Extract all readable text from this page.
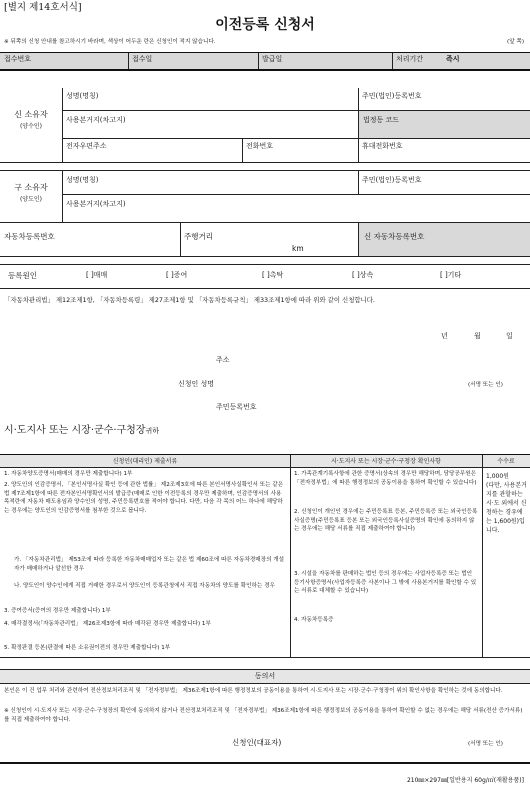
[별지 제14호서식]
이전등록 신청서
※ 뒤쪽의 신청 안내를 참고하시기 바라며, 색상이 어두운 란은 신청인이 적지 않습니다.	(앞 쪽)
접수번호	접수일	발급일	처리기간	즉시
신 소유자
(양수인)
성명(명칭)	주민(법인)등록번호
사용본거지(차고지)	법정동 코드
전자우편주소	전화번호	휴대전화번호
구 소유자
(양도인)
성명(명칭)	주민(법인)등록번호
사용본거지(차고지)
자동차등록번호	주행거리
km
신 자동차등록번호
등록원인	[ ]매매	[ ]증여	[ ]촉탁	[ ]상속	[ ]기타
「자동차관리법」 제12조제1항, 「자동차등록령」 제27조제1항 및 「자동차등록규칙」 제33조제1항에 따라 위와 같이 신청합니다.
년	월	일
주소
신청인 성명	(서명 또는 인)
주민등록번호
시·도지사 또는 시장·군수·구청장귀하
신청인(대리인) 제출서류	시·도지사 또는 시장·군수·구청장 확인사항	수수료
1. 자동차양도증명서(매매의 경우만 제출합니다) 1부
2. 양도인의 인감증명서, 「본인서명사실 확인 등에 관한 법률」 제2조제3호에 따른 본인서명사실확인서 또는 같은 법 제7조제1항에 따른 전자본인서명확인서의 발급증(매매로 인한 이전등록의 경우만 제출하며, 인감증명서의 사용목적란에 자동차 매도용임과 양수인의 성명, 주민등록번호를 적어야 합니다. 다만, 다음 각 목의 어느 하나에 해당하는 경우에는 양도인의 인감증명서를 첨부한 것으로 봅니다.
가. 「자동차관리법」 제53조에 따라 등록한 자동차매매업자 또는 같은 법 제60조에 따른 자동차경매장의 개설자가 매매하거나 알선한 경우
나. 양도인이 양수인에게 직접 거래한 경우로서 양도인이 등록관청에서 직접 자동차의 양도를 확인하는 경우
3. 증여증서(증여의 경우만 제출합니다) 1부
4. 매각결정서(「자동차관리법」 제26조제3항에 따라 매각된 경우만 제출합니다) 1부
5. 확정판결 등본(판결에 따른 소유권이전의 경우만 제출합니다) 1부
1. 가족관계기록사항에 관한 증명서(상속의 경우만 해당하며, 담당공무원은 「전자정부법」에 따른 행정정보의 공동이용을 통하여 확인할 수 있습니다)
2. 신청인이 개인인 경우에는 주민등록표 등본, 주민등록증 또는 외국인등록사실증명(주민등록표 등본 또는 외국인등록사실증명의 확인에 동의하지 않는 경우에는 해당 서류를 직접 제출하여야 합니다)
3. 시설을 자동차를 판매하는 법인 등의 경우에는 사업자등록증 또는 법인 등기사항증명서(사업자등록증 사본이나 그 밖에 사용본거지를 확인할 수 있는 서류로 대체할 수 있습니다)
4. 자동차등록증
1,000원
(다만, 사용본거지를 관할하는 시·도 외에서 신청하는 경우에는 1,600원)입니다.
동의서
본인은 이 건 업무 처리와 관련하여 전산정보처리조직 및 「전자정부법」 제36조제1항에 따른 행정정보의 공동이용을 통하여 시·도지사 또는 시장·군수·구청장이 위의 확인사항을 확인하는 것에 동의합니다.
※ 신청인이 시·도지사 또는 시장·군수·구청장의 확인에 동의하지 않거나 전산정보처리조직 및 「전자정부법」 제36조제1항에 따른 행정정보의 공동이용을 통하여 확인할 수 없는 경우에는 해당 서류(전산 증가서류)를 직접 제출하여야 합니다.
신청인(대표자)	(서명 또는 인)
210㎜×297㎜[일반용지 60g/㎡(재활용품)]
